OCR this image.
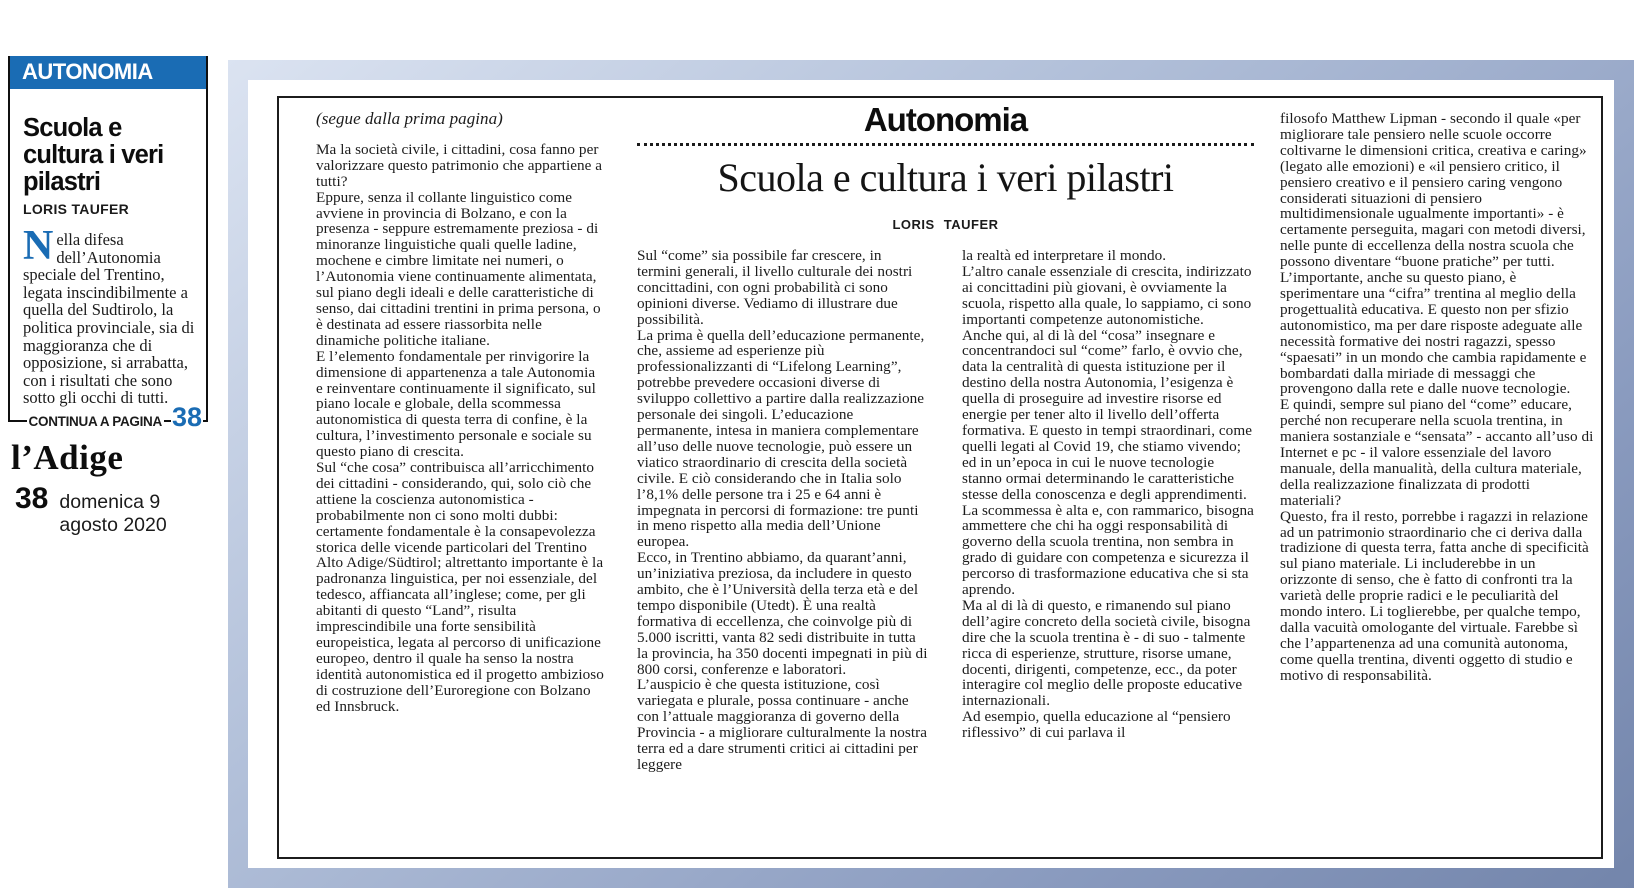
AUTONOMIA
Scuola e cultura i veri pilastri
LORIS TAUFER

Nella difesa dell’Autonomia speciale del Trentino, legata inscindibilmente a quella del Sudtirolo, la politica provinciale, sia di maggioranza che di opposizione, si arrabatta, con i risultati che sono sotto gli occhi di tutti.

CONTINUA A PAGINA 38
l’Adige
38 domenica 9 agosto 2020

(segue dalla prima pagina)

Ma la società civile, i cittadini, cosa fanno per valorizzare questo patrimonio che appartiene a tutti?

Eppure, senza il collante linguistico come avviene in provincia di Bolzano, e con la presenza - seppure estremamente preziosa - di minoranze linguistiche quali quelle ladine, mochene e cimbre limitate nei numeri, o l’Autonomia viene continuamente alimentata, sul piano degli ideali e delle caratteristiche di senso, dai cittadini trentini in prima persona, o è destinata ad essere riassorbita nelle dinamiche politiche italiane.

E l’elemento fondamentale per rinvigorire la dimensione di appartenenza a tale Autonomia e reinventare continuamente il significato, sul piano locale e globale, della scommessa autonomistica di questa terra di confine, è la cultura, l’investimento personale e sociale su questo piano di crescita.

Sul “che cosa” contribuisca all’arricchimento dei cittadini - considerando, qui, solo ciò che attiene la coscienza autonomistica - probabilmente non ci sono molti dubbi: certamente fondamentale è la consapevolezza storica delle vicende particolari del Trentino Alto Adige/Südtirol; altrettanto importante è la padronanza linguistica, per noi essenziale, del tedesco, affiancata all’inglese; come, per gli abitanti di questo “Land”, risulta imprescindibile una forte sensibilità europeistica, legata al percorso di unificazione europeo, dentro il quale ha senso la nostra identità autonomistica ed il progetto ambizioso di costruzione dell’Euroregione con Bolzano ed Innsbruck.

Autonomia
Scuola e cultura i veri pilastri
LORIS TAUFER

Sul “come” sia possibile far crescere, in termini generali, il livello culturale dei nostri concittadini, con ogni probabilità ci sono opinioni diverse. Vediamo di illustrare due possibilità.

La prima è quella dell’educazione permanente, che, assieme ad esperienze più professionalizzanti di “Lifelong Learning”, potrebbe prevedere occasioni diverse di sviluppo collettivo a partire dalla realizzazione personale dei singoli. L’educazione permanente, intesa in maniera complementare all’uso delle nuove tecnologie, può essere un viatico straordinario di crescita della società civile. E ciò considerando che in Italia solo l’8,1% delle persone tra i 25 e 64 anni è impegnata in percorsi di formazione: tre punti in meno rispetto alla media dell’Unione europea.

Ecco, in Trentino abbiamo, da quarant’anni, un’iniziativa preziosa, da includere in questo ambito, che è l’Università della terza età e del tempo disponibile (Utedt). È una realtà formativa di eccellenza, che coinvolge più di 5.000 iscritti, vanta 82 sedi distribuite in tutta la provincia, ha 350 docenti impegnati in più di 800 corsi, conferenze e laboratori.

L’auspicio è che questa istituzione, così variegata e plurale, possa continuare - anche con l’attuale maggioranza di governo della Provincia - a migliorare culturalmente la nostra terra ed a dare strumenti critici ai cittadini per leggere

la realtà ed interpretare il mondo.

L’altro canale essenziale di crescita, indirizzato ai concittadini più giovani, è ovviamente la scuola, rispetto alla quale, lo sappiamo, ci sono importanti competenze autonomistiche.

Anche qui, al di là del “cosa” insegnare e concentrandoci sul “come” farlo, è ovvio che, data la centralità di questa istituzione per il destino della nostra Autonomia, l’esigenza è quella di proseguire ad investire risorse ed energie per tener alto il livello dell’offerta formativa. E questo in tempi straordinari, come quelli legati al Covid 19, che stiamo vivendo; ed in un’epoca in cui le nuove tecnologie stanno ormai determinando le caratteristiche stesse della conoscenza e degli apprendimenti.

La scommessa è alta e, con rammarico, bisogna ammettere che chi ha oggi responsabilità di governo della scuola trentina, non sembra in grado di guidare con competenza e sicurezza il percorso di trasformazione educativa che si sta aprendo.

Ma al di là di questo, e rimanendo sul piano dell’agire concreto della società civile, bisogna dire che la scuola trentina è - di suo - talmente ricca di esperienze, strutture, risorse umane, docenti, dirigenti, competenze, ecc., da poter interagire col meglio delle proposte educative internazionali.

Ad esempio, quella educazione al “pensiero riflessivo” di cui parlava il

filosofo Matthew Lipman - secondo il quale «per migliorare tale pensiero nelle scuole occorre coltivarne le dimensioni critica, creativa e caring» (legato alle emozioni) e «il pensiero critico, il pensiero creativo e il pensiero caring vengono considerati situazioni di pensiero multidimensionale ugualmente importanti» - è certamente perseguita, magari con metodi diversi, nelle punte di eccellenza della nostra scuola che possono diventare “buone pratiche” per tutti.

L’importante, anche su questo piano, è sperimentare una “cifra” trentina al meglio della progettualità educativa. E questo non per sfizio autonomistico, ma per dare risposte adeguate alle necessità formative dei nostri ragazzi, spesso “spaesati” in un mondo che cambia rapidamente e bombardati dalla miriade di messaggi che provengono dalla rete e dalle nuove tecnologie.

E quindi, sempre sul piano del “come” educare, perché non recuperare nella scuola trentina, in maniera sostanziale e “sensata” - accanto all’uso di Internet e pc - il valore essenziale del lavoro manuale, della manualità, della cultura materiale, della realizzazione finalizzata di prodotti materiali?

Questo, fra il resto, porrebbe i ragazzi in relazione ad un patrimonio straordinario che ci deriva dalla tradizione di questa terra, fatta anche di specificità sul piano materiale. Li includerebbe in un orizzonte di senso, che è fatto di confronti tra la varietà delle proprie radici e le peculiarità del mondo intero. Li toglierebbe, per qualche tempo, dalla vacuità omologante del virtuale. Farebbe sì che l’appartenenza ad una comunità autonoma, come quella trentina, diventi oggetto di studio e motivo di responsabilità.
